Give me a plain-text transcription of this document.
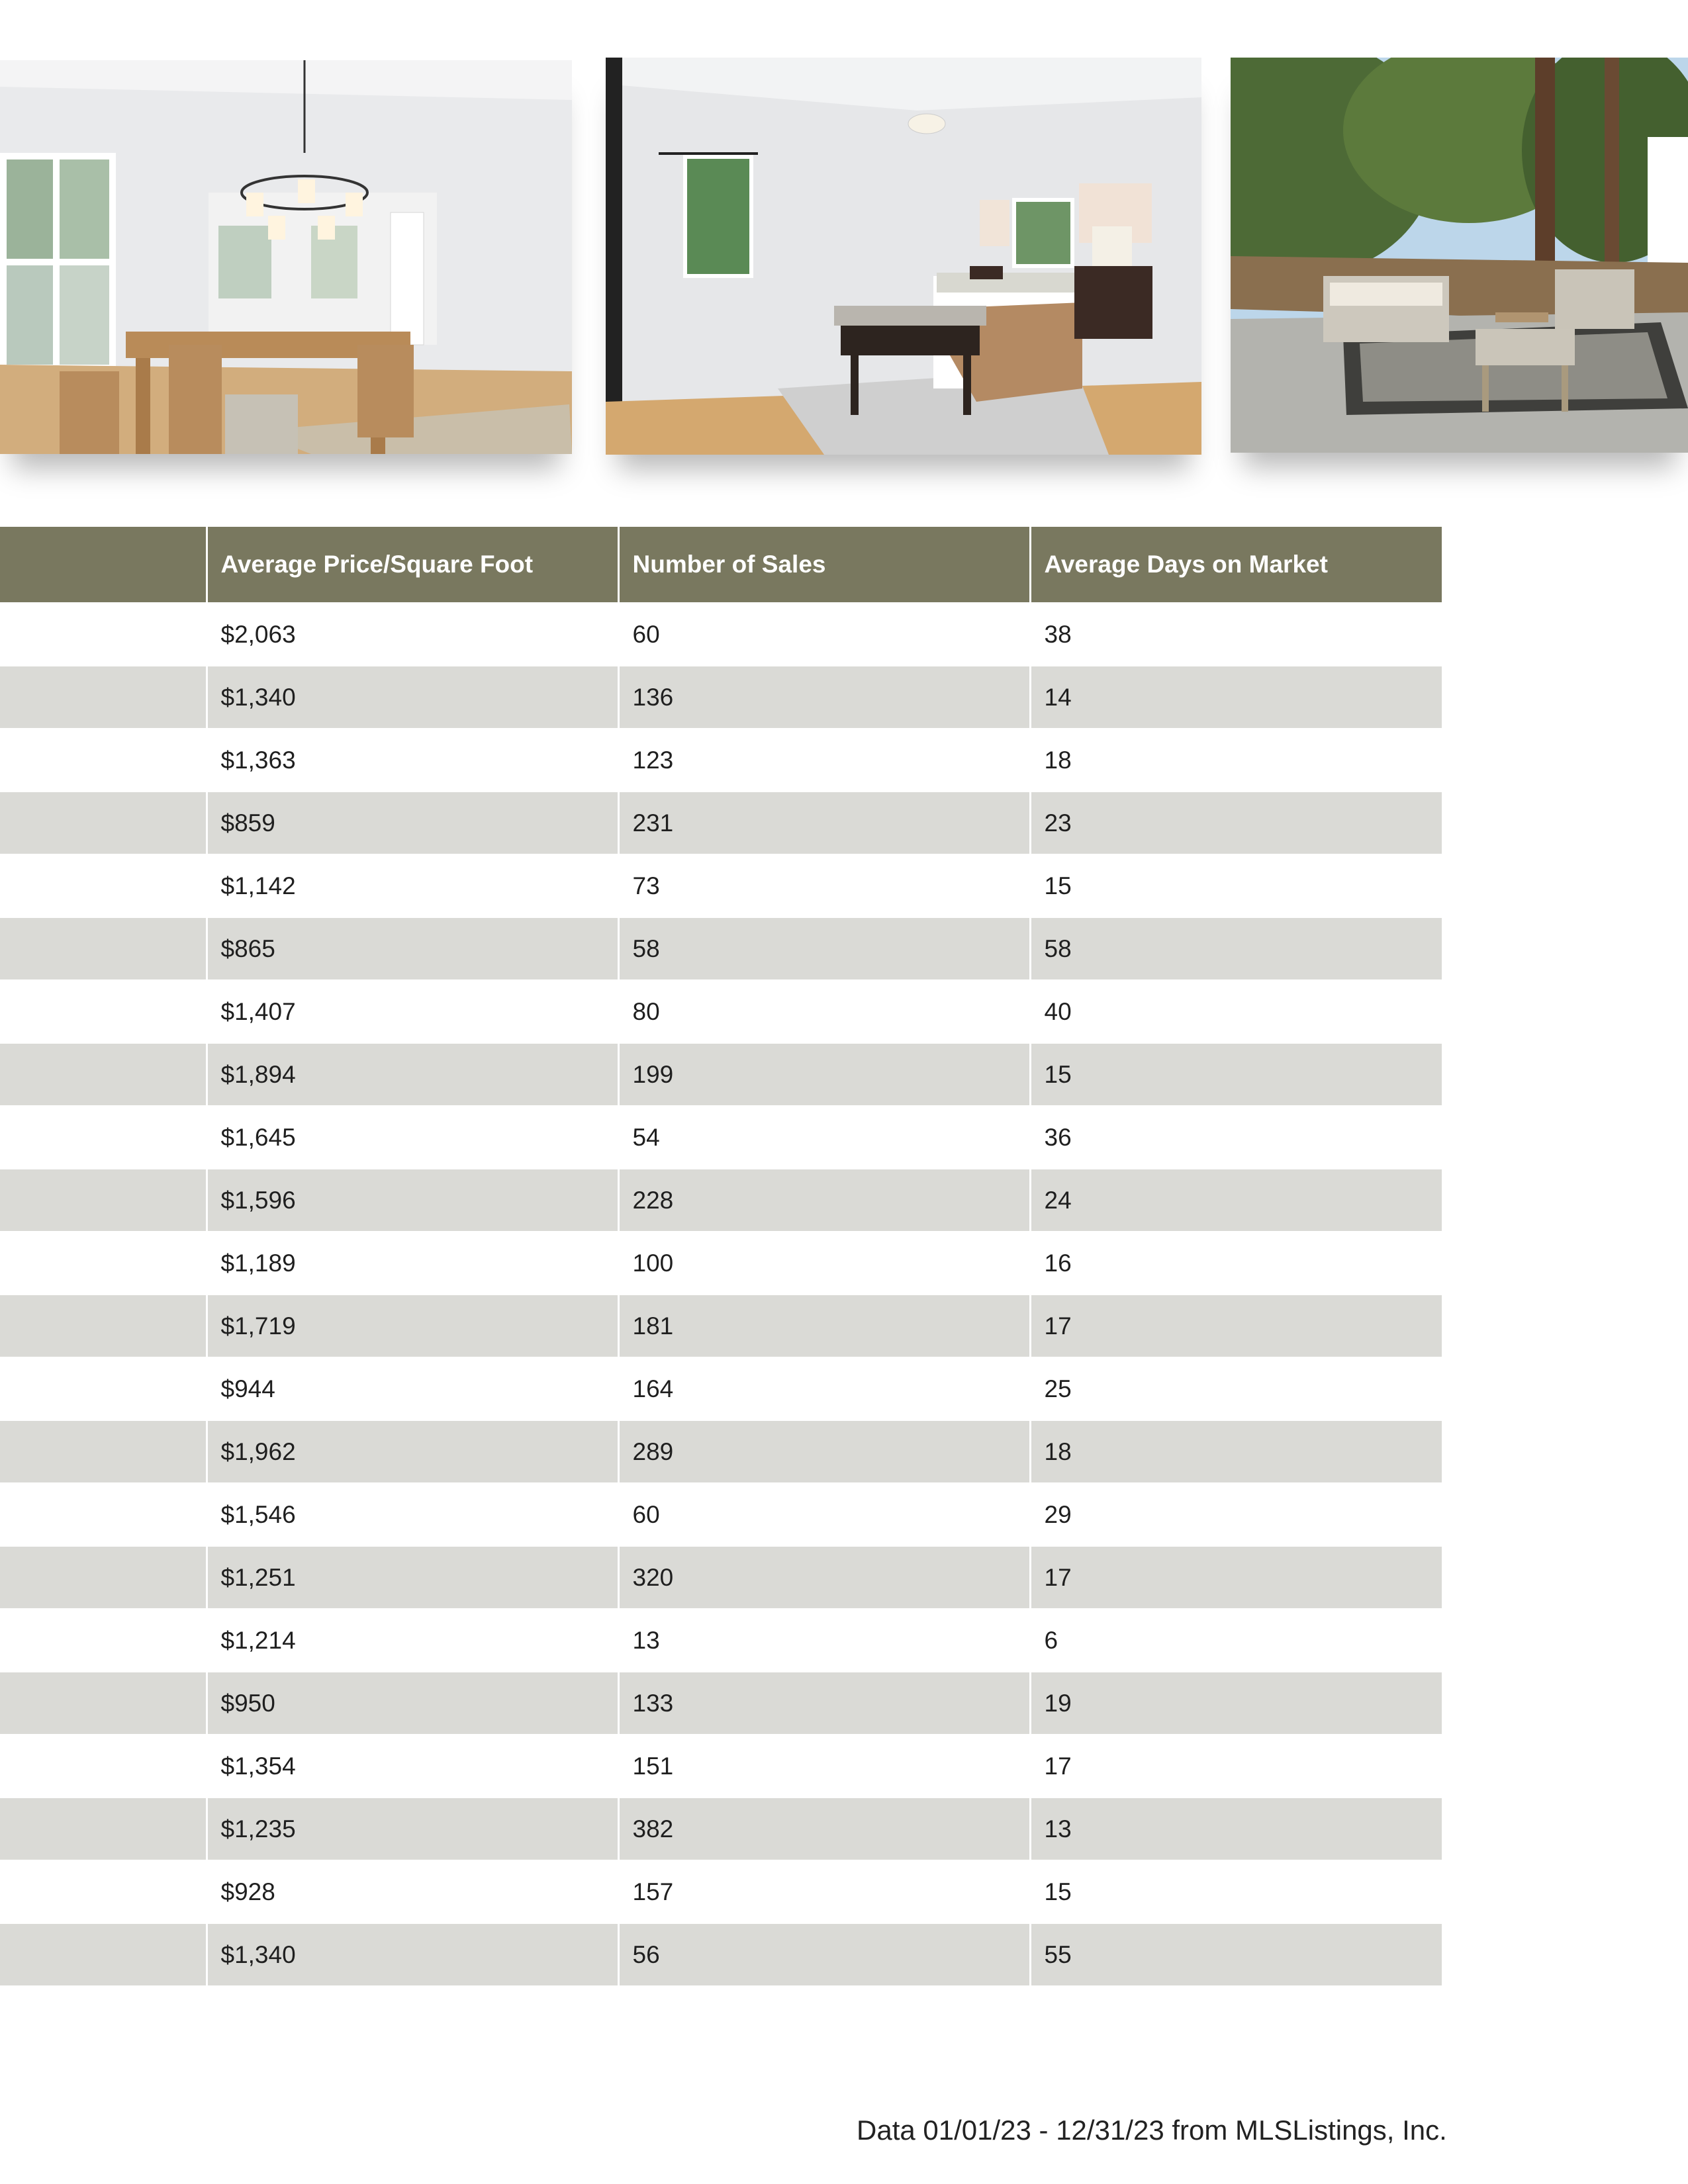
	Average Price/Square Foot	Number of Sales	Average Days on Market
	$2,063	60	38
	$1,340	136	14
	$1,363	123	18
	$859	231	23
	$1,142	73	15
	$865	58	58
	$1,407	80	40
	$1,894	199	15
	$1,645	54	36
	$1,596	228	24
	$1,189	100	16
	$1,719	181	17
	$944	164	25
	$1,962	289	18
	$1,546	60	29
	$1,251	320	17
	$1,214	13	6
	$950	133	19
	$1,354	151	17
	$1,235	382	13
	$928	157	15
	$1,340	56	55
Data 01/01/23 - 12/31/23 from MLSListings, Inc.
